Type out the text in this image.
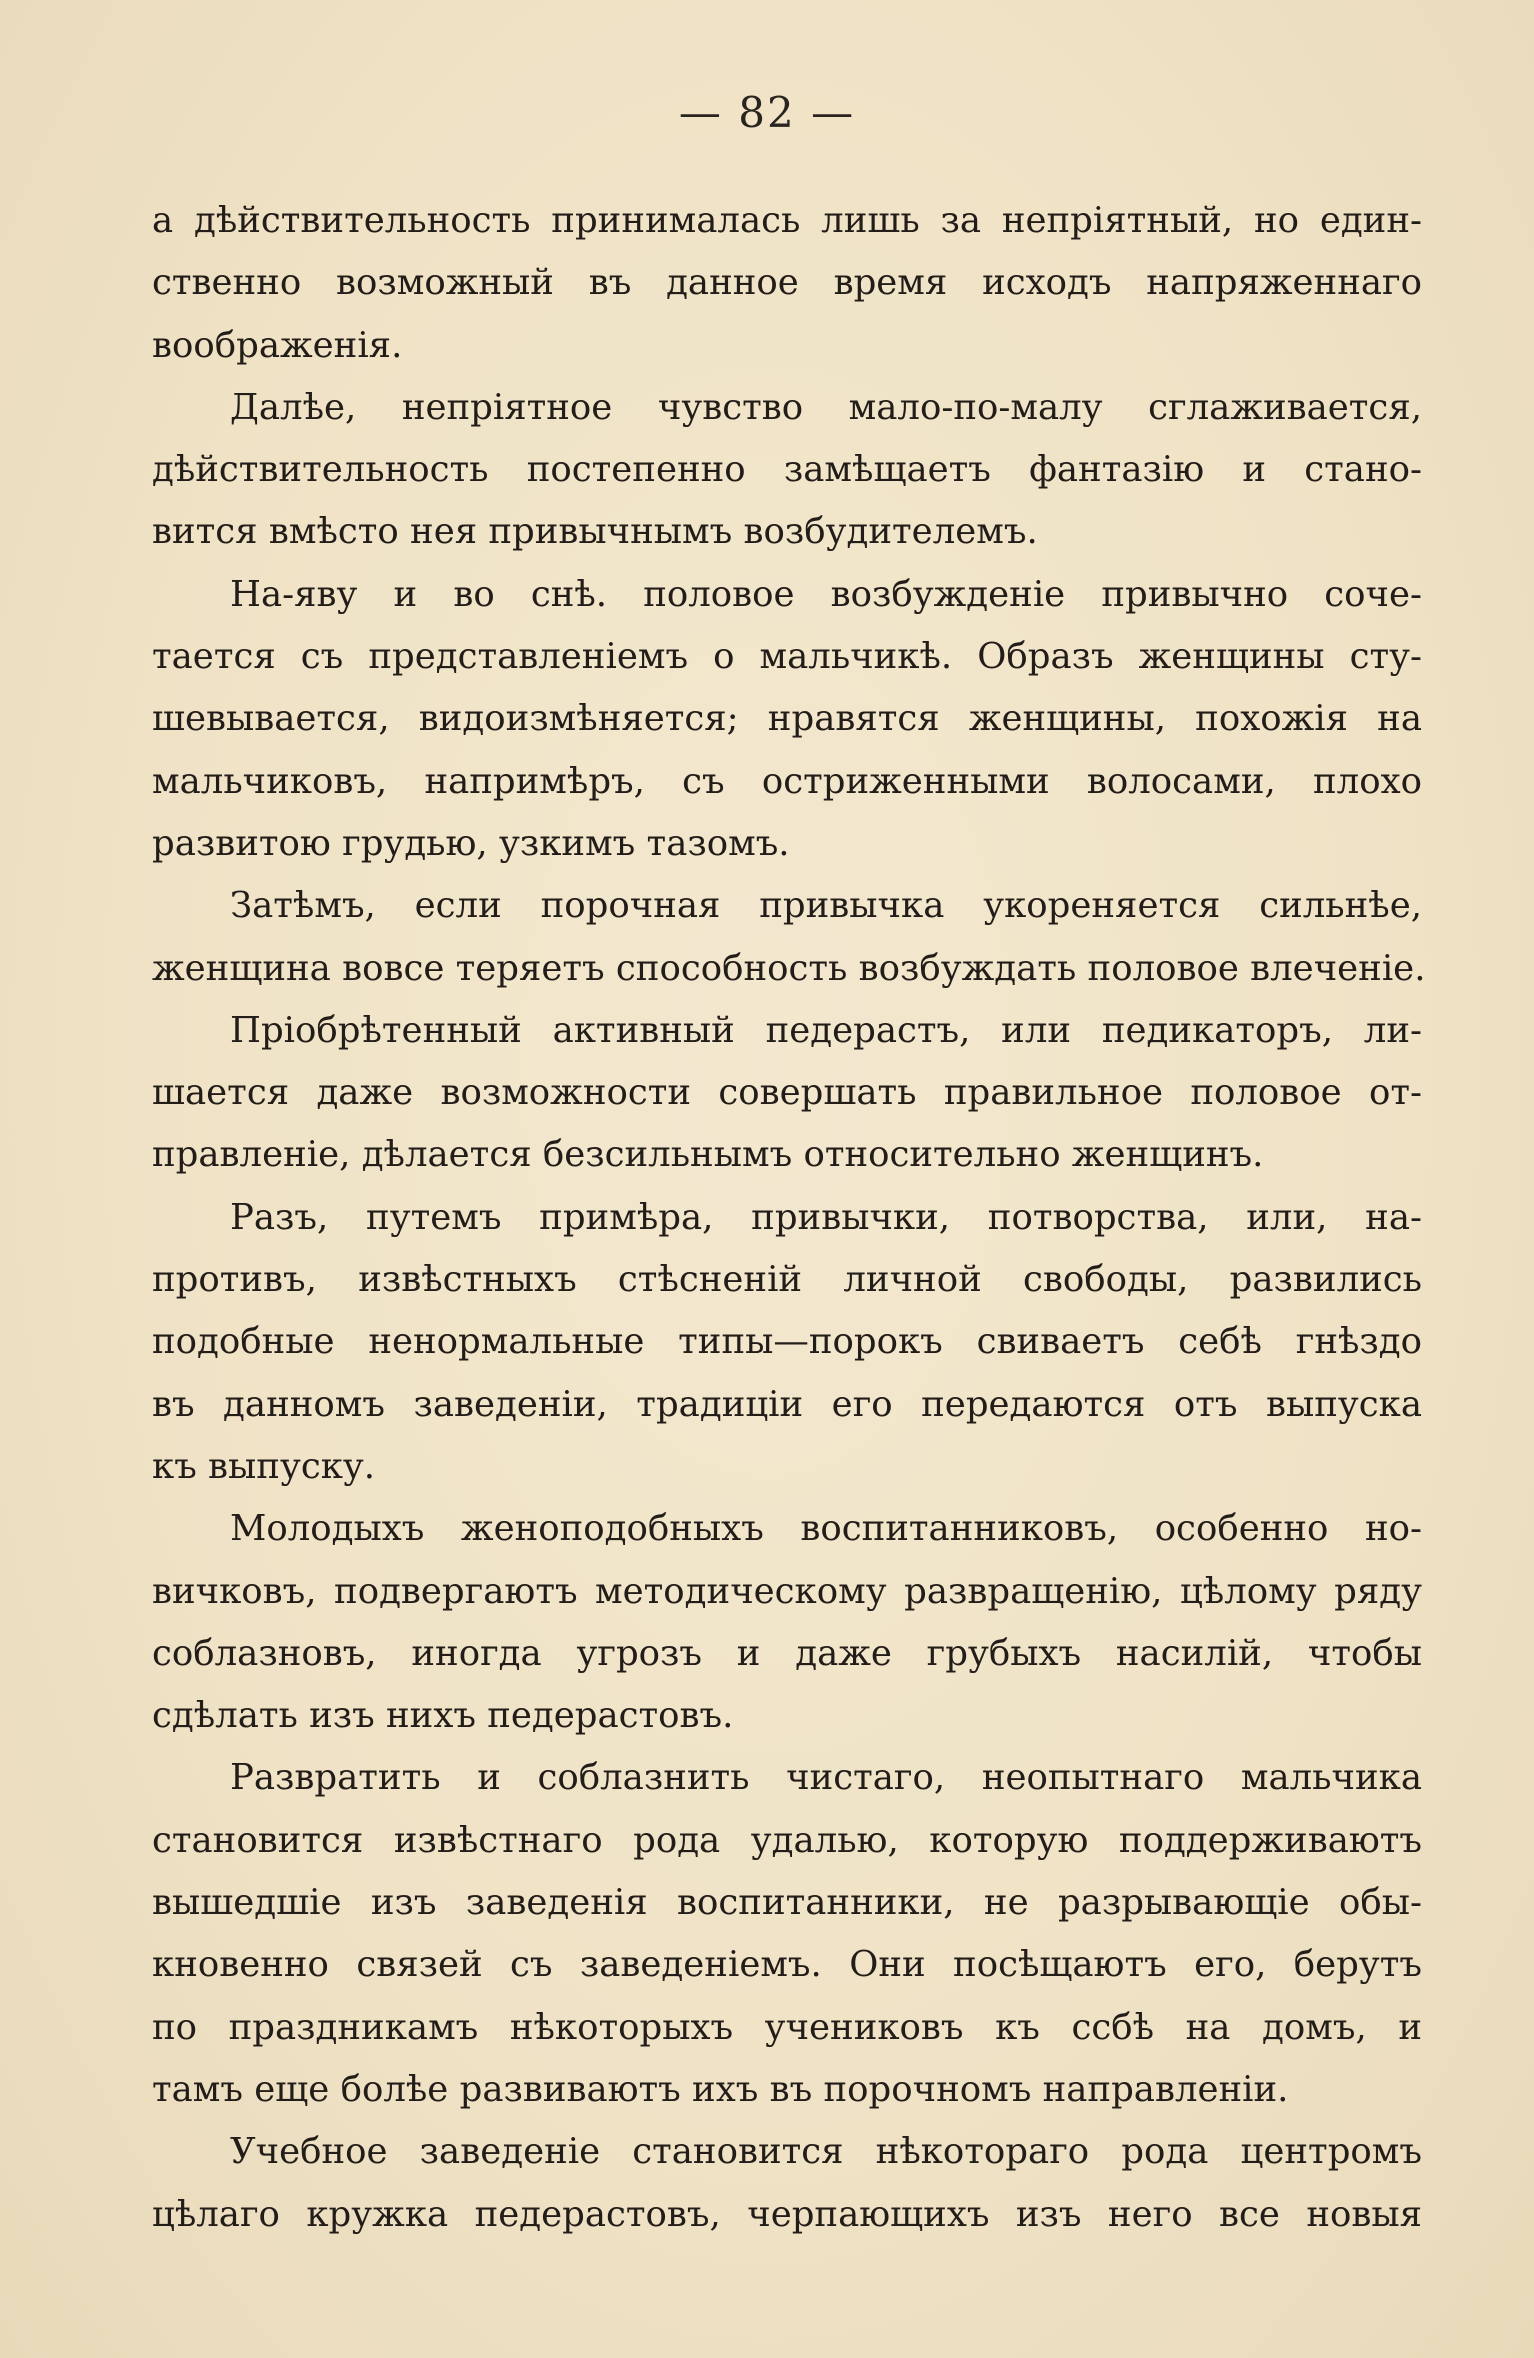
— 82 —
а дѣйствительность принималась лишь за непріятный, но един-
ственно возможный въ данное время исходъ напряженнаго
воображенія.
Далѣе, непріятное чувство мало-по-малу сглаживается,
дѣйствительность постепенно замѣщаетъ фантазію и стано-
вится вмѣсто нея привычнымъ возбудителемъ.
На-яву и во снѣ. половое возбужденіе привычно соче-
тается съ представленіемъ о мальчикѣ. Образъ женщины сту-
шевывается, видоизмѣняется; нравятся женщины, похожія на
мальчиковъ, напримѣръ, съ остриженными волосами, плохо
развитою грудью, узкимъ тазомъ.
Затѣмъ, если порочная привычка укореняется сильнѣе,
женщина вовсе теряетъ способность возбуждать половое влеченіе.
Пріобрѣтенный активный педерастъ, или педикаторъ, ли-
шается даже возможности совершать правильное половое от-
правленіе, дѣлается безсильнымъ относительно женщинъ.
Разъ, путемъ примѣра, привычки, потворства, или, на-
противъ, извѣстныхъ стѣсненій личной свободы, развились
подобные ненормальные типы—порокъ свиваетъ себѣ гнѣздо
въ данномъ заведеніи, традиціи его передаются отъ выпуска
къ выпуску.
Молодыхъ женоподобныхъ воспитанниковъ, особенно но-
вичковъ, подвергаютъ методическому развращенію, цѣлому ряду
соблазновъ, иногда угрозъ и даже грубыхъ насилій, чтобы
сдѣлать изъ нихъ педерастовъ.
Развратить и соблазнить чистаго, неопытнаго мальчика
становится извѣстнаго рода удалью, которую поддерживаютъ
вышедшіе изъ заведенія воспитанники, не разрывающіе обы-
кновенно связей съ заведеніемъ. Они посѣщаютъ его, берутъ
по праздникамъ нѣкоторыхъ учениковъ къ ссбѣ на домъ, и
тамъ еще болѣе развиваютъ ихъ въ порочномъ направленіи.
Учебное заведеніе становится нѣкотораго рода центромъ
цѣлаго кружка педерастовъ, черпающихъ изъ него все новыя
